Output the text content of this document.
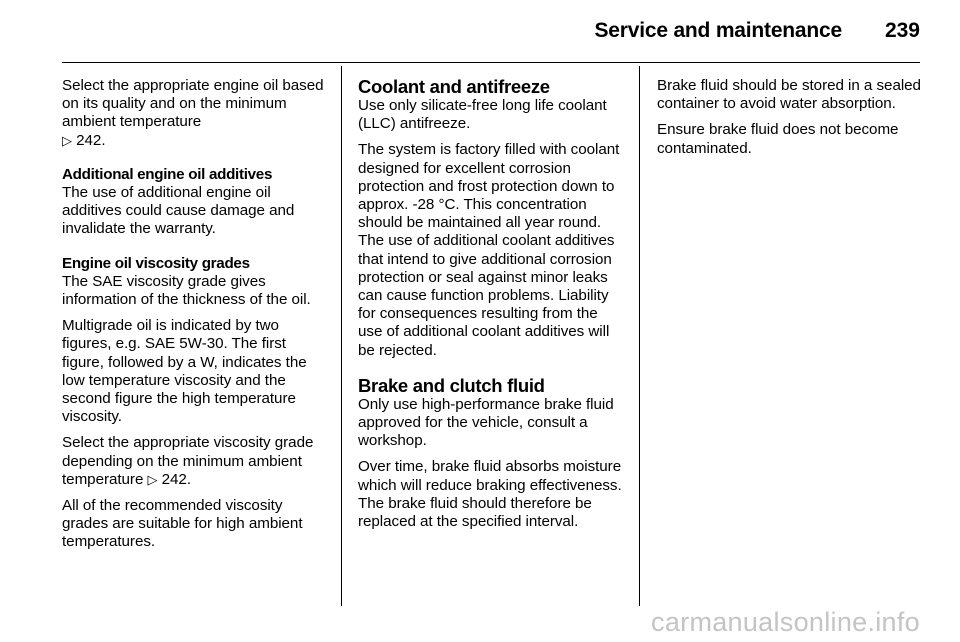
Service and maintenance 239

Select the appropriate engine oil based on its quality and on the minimum ambient temperature
▷ 242.

Additional engine oil additives
The use of additional engine oil additives could cause damage and invalidate the warranty.

Engine oil viscosity grades
The SAE viscosity grade gives information of the thickness of the oil.

Multigrade oil is indicated by two figures, e.g. SAE 5W-30. The first figure, followed by a W, indicates the low temperature viscosity and the second figure the high temperature viscosity.

Select the appropriate viscosity grade depending on the minimum ambient temperature ▷ 242.

All of the recommended viscosity grades are suitable for high ambient temperatures.

Coolant and antifreeze

Use only silicate-free long life coolant (LLC) antifreeze.

The system is factory filled with coolant designed for excellent corrosion protection and frost protection down to approx. -28 °C. This concentration should be maintained all year round. The use of additional coolant additives that intend to give additional corrosion protection or seal against minor leaks can cause function problems. Liability for consequences resulting from the use of additional coolant additives will be rejected.

Brake and clutch fluid

Only use high-performance brake fluid approved for the vehicle, consult a workshop.

Over time, brake fluid absorbs moisture which will reduce braking effectiveness. The brake fluid should therefore be replaced at the specified interval.

Brake fluid should be stored in a sealed container to avoid water absorption.

Ensure brake fluid does not become contaminated.

carmanualsonline.info
